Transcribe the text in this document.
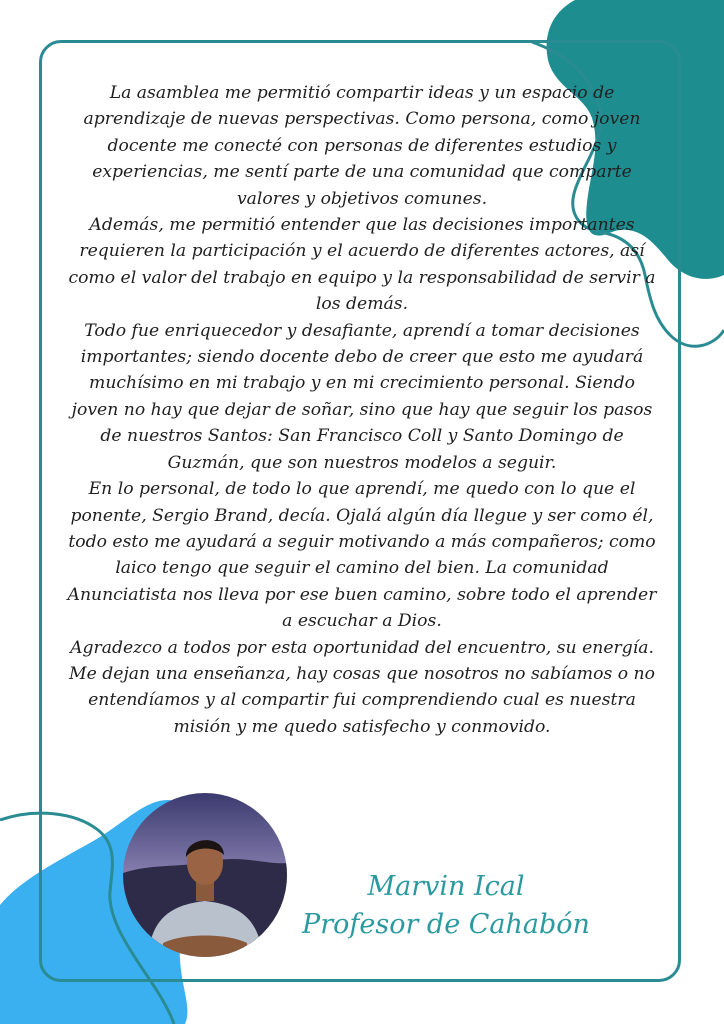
La asamblea me permitió compartir ideas y un espacio de aprendizaje de nuevas perspectivas. Como persona, como joven docente me conecté con personas de diferentes estudios y experiencias, me sentí parte de una comunidad que comparte valores y objetivos comunes.

Además, me permitió entender que las decisiones importantes requieren la participación y el acuerdo de diferentes actores, así como el valor del trabajo en equipo y la responsabilidad de servir a los demás.

Todo fue enriquecedor y desafiante, aprendí a tomar decisiones importantes; siendo docente debo de creer que esto me ayudará muchísimo en mi trabajo y en mi crecimiento personal. Siendo joven no hay que dejar de soñar, sino que hay que seguir los pasos de nuestros Santos: San Francisco Coll y Santo Domingo de Guzmán, que son nuestros modelos a seguir.

En lo personal, de todo lo que aprendí, me quedo con lo que el ponente, Sergio Brand, decía. Ojalá algún día llegue y ser como él, todo esto me ayudará a seguir motivando a más compañeros; como laico tengo que seguir el camino del bien. La comunidad Anunciatista nos lleva por ese buen camino, sobre todo el aprender a escuchar a Dios.

Agradezco a todos por esta oportunidad del encuentro, su energía. Me dejan una enseñanza, hay cosas que nosotros no sabíamos o no entendíamos y al compartir fui comprendiendo cual es nuestra misión y me quedo satisfecho y conmovido.

Marvin Ical
Profesor de Cahabón
